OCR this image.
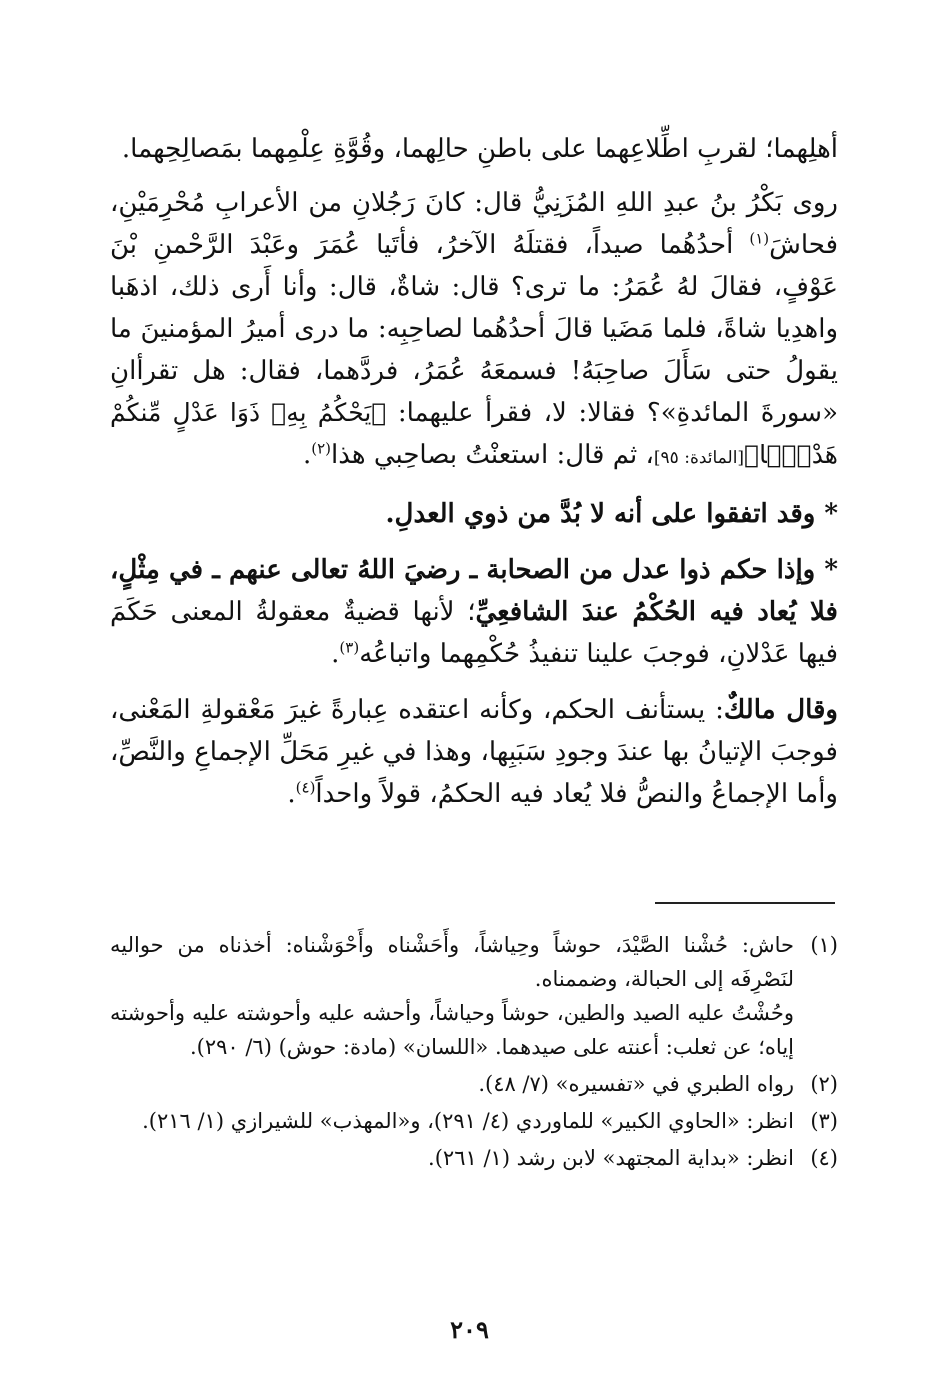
أهلِهما؛ لقربِ اطِّلاعِهما على باطنِ حالِهما، وقُوَّةِ عِلْمِهما بمَصالِحِهما.

روى بَكْرُ بنُ عبدِ اللهِ المُزَنِيُّ قال: كانَ رَجُلانِ من الأعرابِ مُحْرِمَيْنِ، فحاشَ$^{(١)}$ أحدُهُما صيداً، فقتلَهُ الآخرُ، فأتَيا عُمَرَ وعَبْدَ الرَّحْمنِ بْنَ عَوْفٍ، فقالَ لهُ عُمَرُ: ما ترى؟ قال: شاةٌ، قال: وأنا أَرى ذلك، اذهَبا واهدِيا شاةً، فلما مَضَيا قالَ أحدُهُما لصاحِبِه: ما درى أميرُ المؤمنينَ ما يقولُ حتى سَأَلَ صاحِبَهُ! فسمعَهُ عُمَرُ، فردَّهما، فقال: هل تقرأانِ «سورةَ المائدةِ»؟ فقالا: لا، فقرأ عليهما: ﴿يَحْكُمُ بِهِۦ ذَوَا عَدْلٍ مِّنكُمْ هَدْيَۢا﴾[المائدة: ٩٥]، ثم قال: استعنْتُ بصاحِبي هذا$^{(٢)}$.

* وقد اتفقوا على أنه لا بُدَّ من ذوي العدلِ.

* وإذا حكم ذوا عدل من الصحابة ـ رضيَ اللهُ تعالى عنهم ـ في مِثْلٍ، فلا يُعاد فيه الحُكْمُ عندَ الشافعِيِّ؛ لأنها قضيةٌ معقولةُ المعنى حَكَمَ فيها عَدْلانِ، فوجبَ علينا تنفيذُ حُكْمِهما واتباعُه$^{(٣)}$.

وقال مالكٌ: يستأنف الحكم، وكأنه اعتقده عِبارةً غيرَ مَعْقولةِ المَعْنى، فوجبَ الإتيانُ بها عندَ وجودِ سَبَبِها، وهذا في غيرِ مَحَلِّ الإجماعِ والنَّصِّ، وأما الإجماعُ والنصُّ فلا يُعاد فيه الحكمُ، قولاً واحداً$^{(٤)}$.

(١)

حاش: حُشْنا الصَّيْدَ، حوشاً وحِياشاً، وأَحَشْناه وأَحْوَشْناه: أخذناه من حواليه لنَصْرِفَه إلى الحبالة، وضممناه.

وحُشْتُ عليه الصيد والطين، حوشاً وحياشاً، وأحشه عليه وأحوشته عليه وأحوشته إياه؛ عن ثعلب: أعنته على صيدهما. «اللسان» (مادة: حوش) (٦/ ٢٩٠).

(٢)

رواه الطبري في «تفسيره» (٧/ ٤٨).

(٣)

انظر: «الحاوي الكبير» للماوردي (٤/ ٢٩١)، و«المهذب» للشيرازي (١/ ٢١٦).

(٤)

انظر: «بداية المجتهد» لابن رشد (١/ ٢٦١).

٢٠٩
